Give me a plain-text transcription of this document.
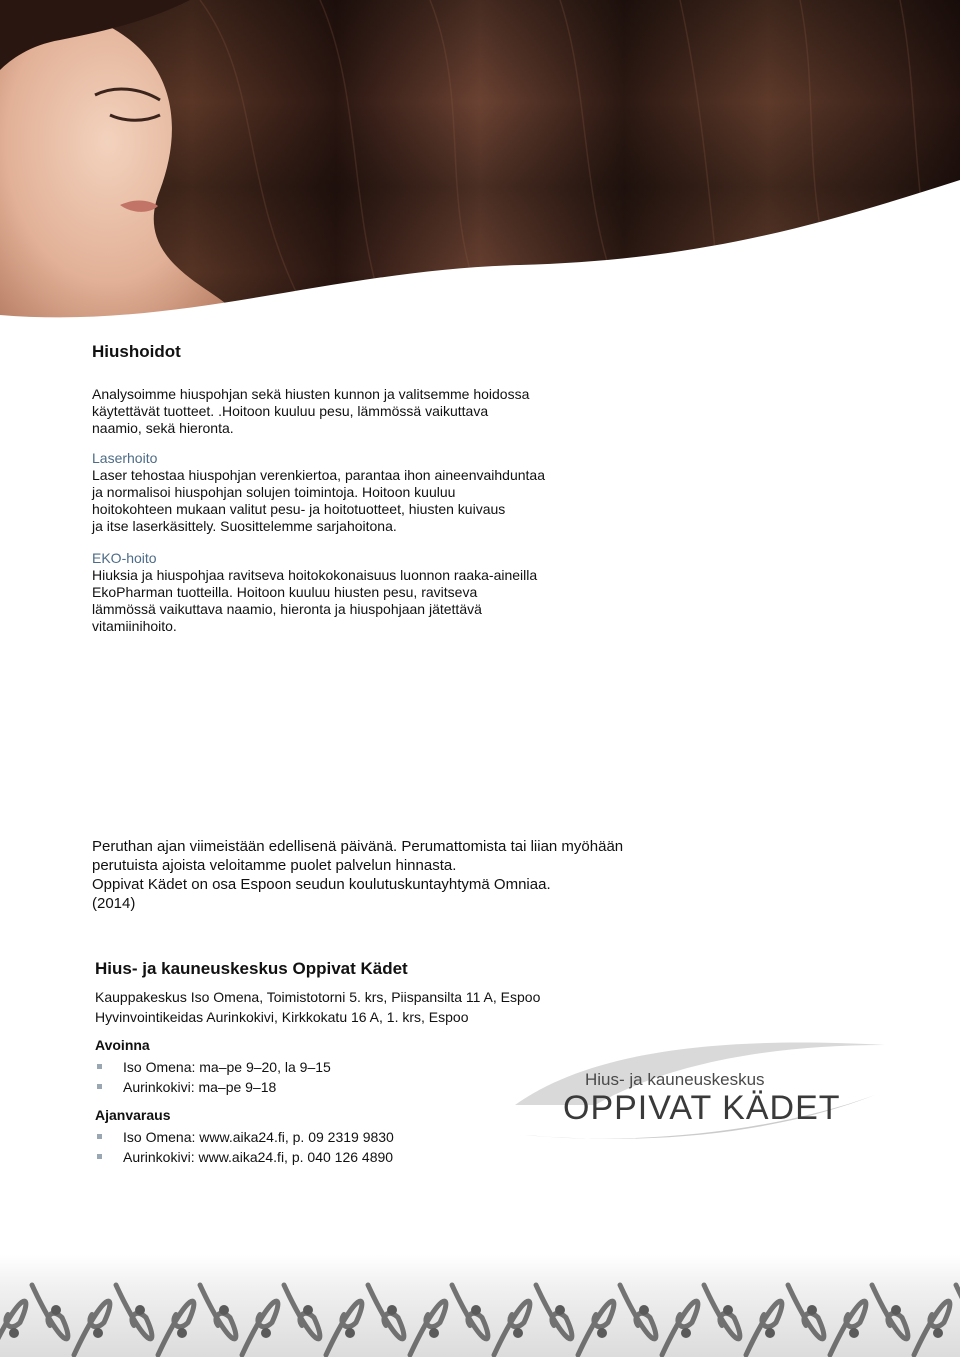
Hiushoidot
Analysoimme hiuspohjan sekä hiusten kunnon ja valitsemme hoidossa
käytettävät tuotteet. .Hoitoon kuuluu pesu, lämmössä vaikuttava
naamio, sekä hieronta.
Laserhoito
Laser tehostaa hiuspohjan verenkiertoa, parantaa ihon aineenvaihduntaa
ja normalisoi hiuspohjan solujen toimintoja. Hoitoon kuuluu
hoitokohteen mukaan valitut pesu- ja hoitotuotteet, hiusten kuivaus
ja itse laserkäsittely. Suosittelemme sarjahoitona.
EKO-hoito
Hiuksia ja hiuspohjaa ravitseva hoitokokonaisuus luonnon raaka-aineilla
EkoPharman tuotteilla. Hoitoon kuuluu hiusten pesu, ravitseva
lämmössä vaikuttava naamio, hieronta ja hiuspohjaan jätettävä
vitamiinihoito.
Peruthan ajan viimeistään edellisenä päivänä. Perumattomista tai liian myöhään
perutuista ajoista veloitamme puolet palvelun hinnasta.
Oppivat Kädet on osa Espoon seudun koulutuskuntayhtymä Omniaa.
(2014)
Hius- ja kauneuskeskus Oppivat Kädet

Kauppakeskus Iso Omena, Toimistotorni 5. krs, Piispansilta 11 A, Espoo

Hyvinvointikeidas Aurinkokivi, Kirkkokatu 16 A, 1. krs, Espoo

Avoinna
Iso Omena: ma–pe 9–20, la 9–15
Aurinkokivi: ma–pe 9–18
Ajanvaraus
Iso Omena: www.aika24.fi, p. 09 2319 9830
Aurinkokivi: www.aika24.fi, p. 040 126 4890
Hius- ja kauneuskeskus
OPPIVAT KÄDET
